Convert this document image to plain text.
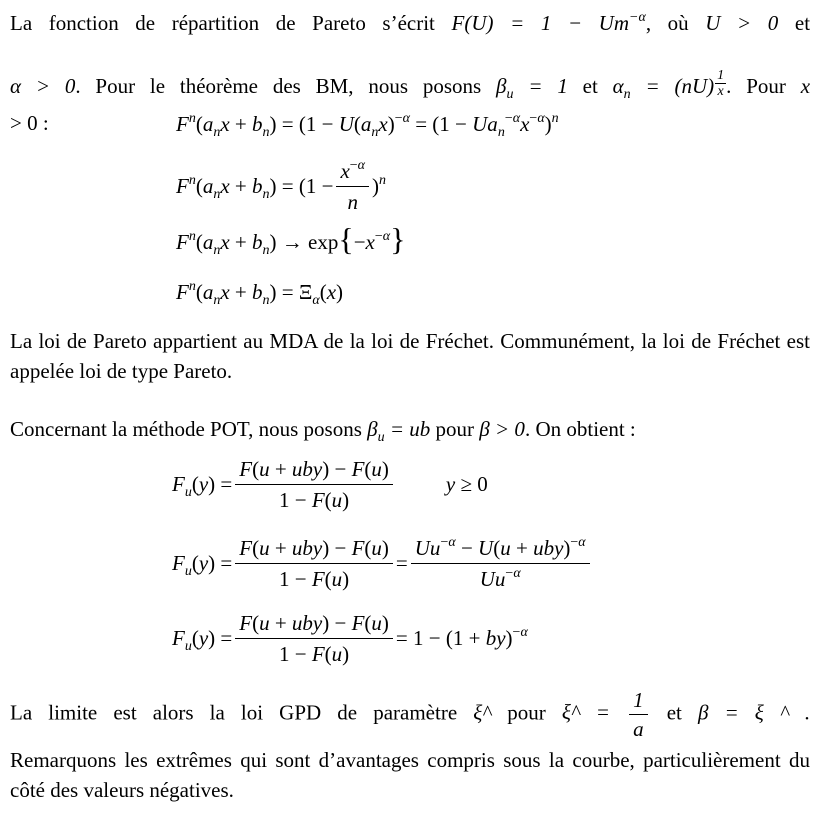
La fonction de répartition de Pareto s’écrit $F(U) = 1 - Um^{-\alpha}$, où U > 0 et
α > 0. Pour le théorème des BM, nous posons $\beta_u = 1$ et $\alpha_n = (nU) \frac{1}{x}$ . Pour x
> 0 :	$F^n(a_nx + b_n) = (1 - U(a_nx)^{-\alpha} = (1 - Ua_n^{-\alpha}x^{-\alpha})^n$
$F^n(a_nx + b_n) = (1 - \frac{x^{-\alpha}}{n} )^n$
$F^n(a_nx + b_n) \to \exp\{-x^{-\alpha}\}$
$F^n(a_nx + b_n) = \Xi_\alpha(x)$
La loi de Pareto appartient au MDA de la loi de Fréchet. Communément, la loi de Fréchet est appelée loi de type Pareto.
Concernant la méthode POT, nous posons $\beta_u$ = ub pour β > 0. On obtient :
$F_u(y) = \frac{\text{F(u + uby) − F(u)}}{1 - F(u)}$	y ≥ 0
$F_u(y) = \frac{\text{F(u + uby) − F(u)}}{1 - F(u)} = \frac{Uu^{-\alpha} - U(u + uby)^{-\alpha}}{Uu^{-\alpha}}$
$F_u(y) = \frac{\text{F(u + uby) − F(u)}}{1 - F(u)} = 1 - (1 + by)^{-\alpha}$
La limite est alors la loi GPD de paramètre ξ^ pour ξ^ = $\frac{1}{a}$ et β = ξ ^ .
Remarquons les extrêmes qui sont d’avantages compris sous la courbe, particulièrement du côté des valeurs négatives.
